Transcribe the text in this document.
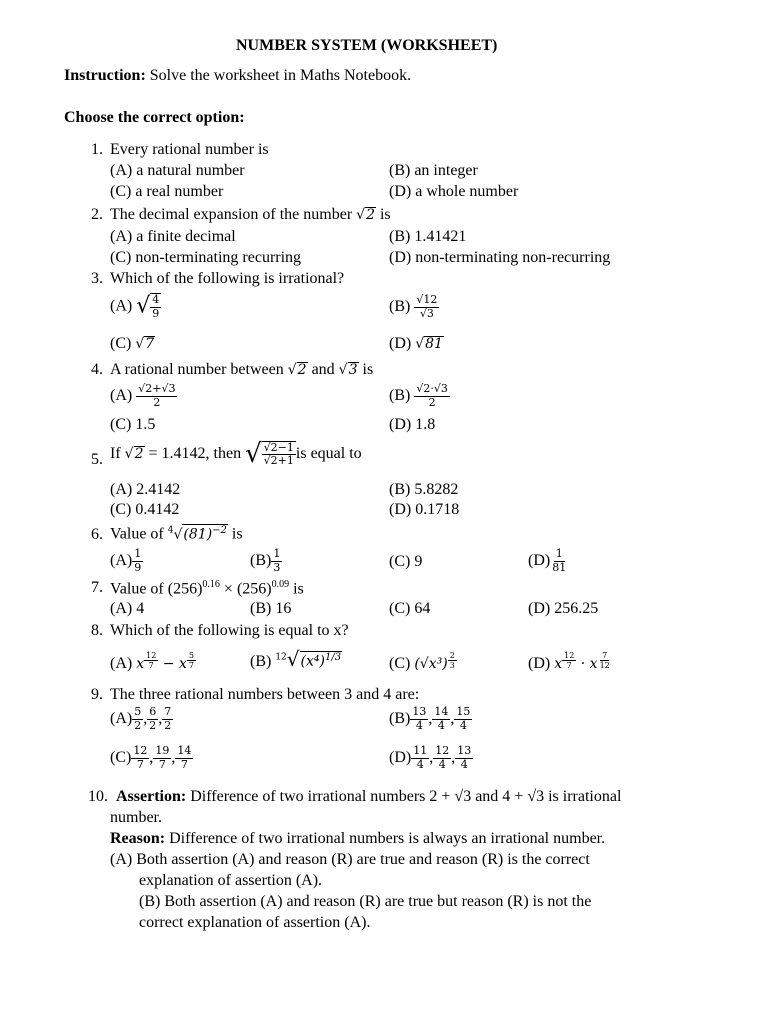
NUMBER SYSTEM (WORKSHEET)
Instruction: Solve the worksheet in Maths Notebook.
Choose the correct option:
1. Every rational number is
(A) a natural number	(B) an integer
(C) a real number	(D) a whole number
2. The decimal expansion of the number √2 is
(A) a finite decimal	(B) 1.41421
(C) non-terminating recurring	(D) non-terminating non-recurring
3. Which of the following is irrational?
(A) √ $\frac{4}{9}$	$(B) \frac{√12}{√3}$
(C) √7	(D) √81
4. A rational number between √2 and √3 is
$(A) \frac{√2+√3}{2}$	$(B) \frac{√2\cdot√3}{2}$
(C) 1.5	(D) 1.8
5. If √2 = 1.4142, then √ $\frac{√2-1}{√2+1}$ is equal to
(A) 2.4142	(B) 5.8282
(C) 0.4142	(D) 0.1718
6. Value of $^4√(81)^{-2}$ is
$(A) \frac{1}{9}$	$(B) \frac{1}{3}$	(C) 9	$(D) \frac{1}{81}$
7. Value of $(256)^{0.16} \times (256)^{0.09}$ is
(A) 4	(B) 16	(C) 64	(D) 256.25
8. Which of the following is equal to x?
(A) x $\frac{12}{7} - x \frac{5}{7}$	(B) $^{12}√(x^4)^{1/3}$	(C) $(√x^3) \frac{2}{3}$	(D) x $\frac{12}{7} \cdot x \frac{7}{12}$
9. The three rational numbers between 3 and 4 are:
$(A) \frac{5}{2}$ , $\frac{6}{2}$ , $\frac{7}{2}$	$(B) \frac{13}{4}$ , $\frac{14}{4}$ , $\frac{15}{4}$
$(C) \frac{12}{7}$ , $\frac{19}{7}$ , $\frac{14}{7}$	$(D) \frac{11}{4}$ , $\frac{12}{4}$ , $\frac{13}{4}$
10. Assertion: Difference of two irrational numbers 2 + √3 and 4 + √3 is irrational
number.
Reason: Difference of two irrational numbers is always an irrational number.
(A) Both assertion (A) and reason (R) are true and reason (R) is the correct
explanation of assertion (A).
(B) Both assertion (A) and reason (R) are true but reason (R) is not the
correct explanation of assertion (A).
